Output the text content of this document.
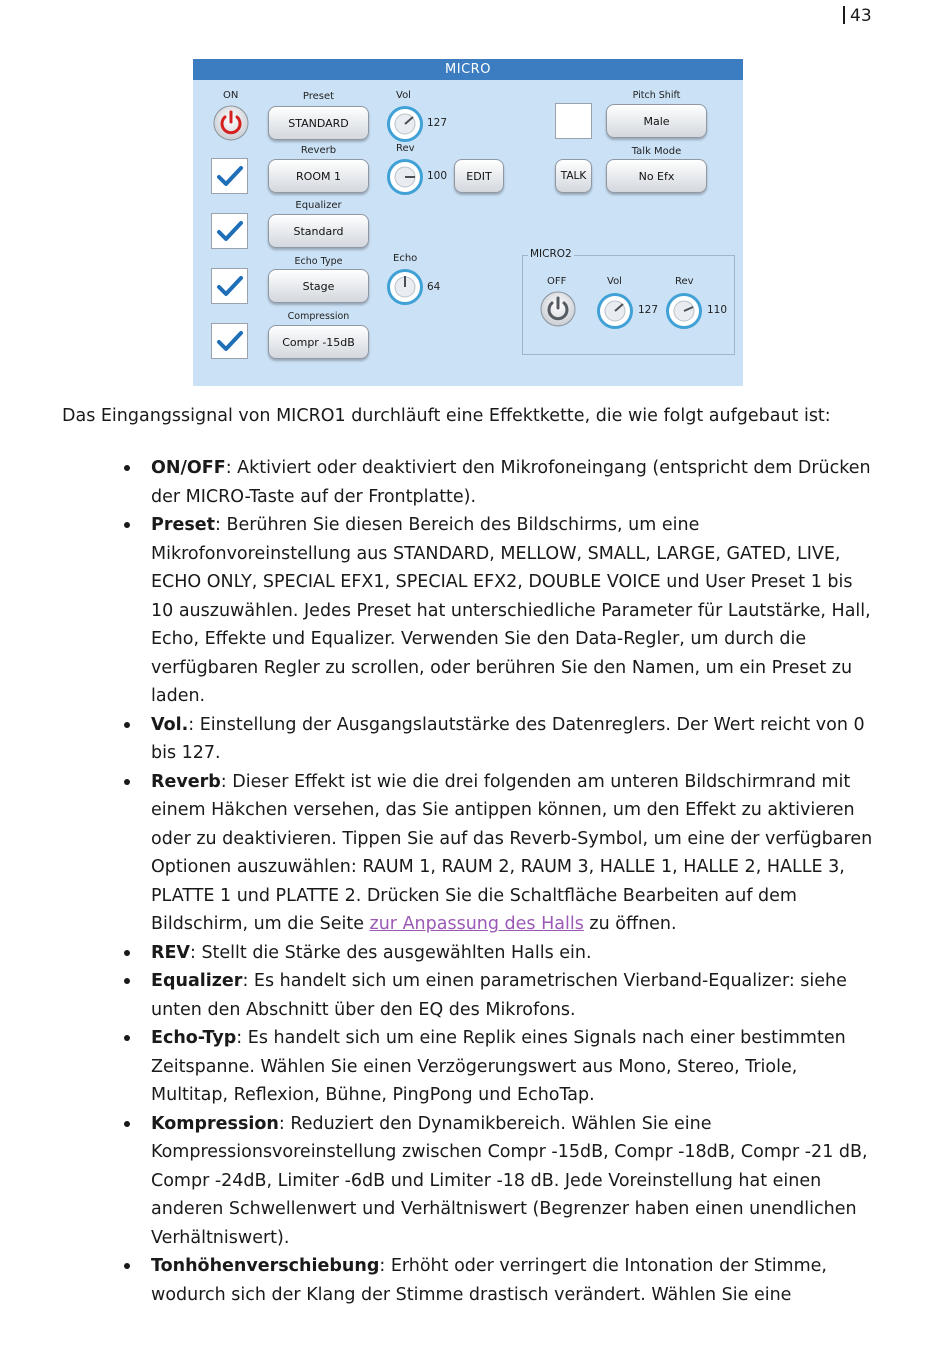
43
MICRO
ON	Preset
STANDARD
Reverb
ROOM 1
Equalizer
Standard
Echo Type
Stage
Compression
Compr -15dB
Vol
127
Rev
100	EDIT
Echo
64
Pitch Shift
Male
TALK
Talk Mode
No Efx
MICRO2
OFF	Vol
127
Rev
110
Das Eingangssignal von MICRO1 durchläuft eine Effektkette, die wie folgt aufgebaut ist:
ON/OFF: Aktiviert oder deaktiviert den Mikrofoneingang (entspricht dem Drücken der MICRO-Taste auf der Frontplatte).
Preset: Berühren Sie diesen Bereich des Bildschirms, um eine Mikrofonvoreinstellung aus STANDARD, MELLOW, SMALL, LARGE, GATED, LIVE, ECHO ONLY, SPECIAL EFX1, SPECIAL EFX2, DOUBLE VOICE und User Preset 1 bis 10 auszuwählen. Jedes Preset hat unterschiedliche Parameter für Lautstärke, Hall, Echo, Effekte und Equalizer. Verwenden Sie den Data-Regler, um durch die verfügbaren Regler zu scrollen, oder berühren Sie den Namen, um ein Preset zu laden.
Vol.: Einstellung der Ausgangslautstärke des Datenreglers. Der Wert reicht von 0 bis 127.
Reverb: Dieser Effekt ist wie die drei folgenden am unteren Bildschirmrand mit einem Häkchen versehen, das Sie antippen können, um den Effekt zu aktivieren oder zu deaktivieren. Tippen Sie auf das Reverb-Symbol, um eine der verfügbaren Optionen auszuwählen: RAUM 1, RAUM 2, RAUM 3, HALLE 1, HALLE 2, HALLE 3, PLATTE 1 und PLATTE 2. Drücken Sie die Schaltfläche Bearbeiten auf dem Bildschirm, um die Seite zur Anpassung des Halls zu öffnen.
REV: Stellt die Stärke des ausgewählten Halls ein.
Equalizer: Es handelt sich um einen parametrischen Vierband-Equalizer: siehe unten den Abschnitt über den EQ des Mikrofons.
Echo-Typ: Es handelt sich um eine Replik eines Signals nach einer bestimmten Zeitspanne. Wählen Sie einen Verzögerungswert aus Mono, Stereo, Triole, Multitap, Reflexion, Bühne, PingPong und EchoTap.
Kompression: Reduziert den Dynamikbereich. Wählen Sie eine Kompressionsvoreinstellung zwischen Compr -15dB, Compr -18dB, Compr -21 dB, Compr -24dB, Limiter -6dB und Limiter -18 dB. Jede Voreinstellung hat einen anderen Schwellenwert und Verhältniswert (Begrenzer haben einen unendlichen Verhältniswert).
Tonhöhenverschiebung: Erhöht oder verringert die Intonation der Stimme, wodurch sich der Klang der Stimme drastisch verändert. Wählen Sie eine
